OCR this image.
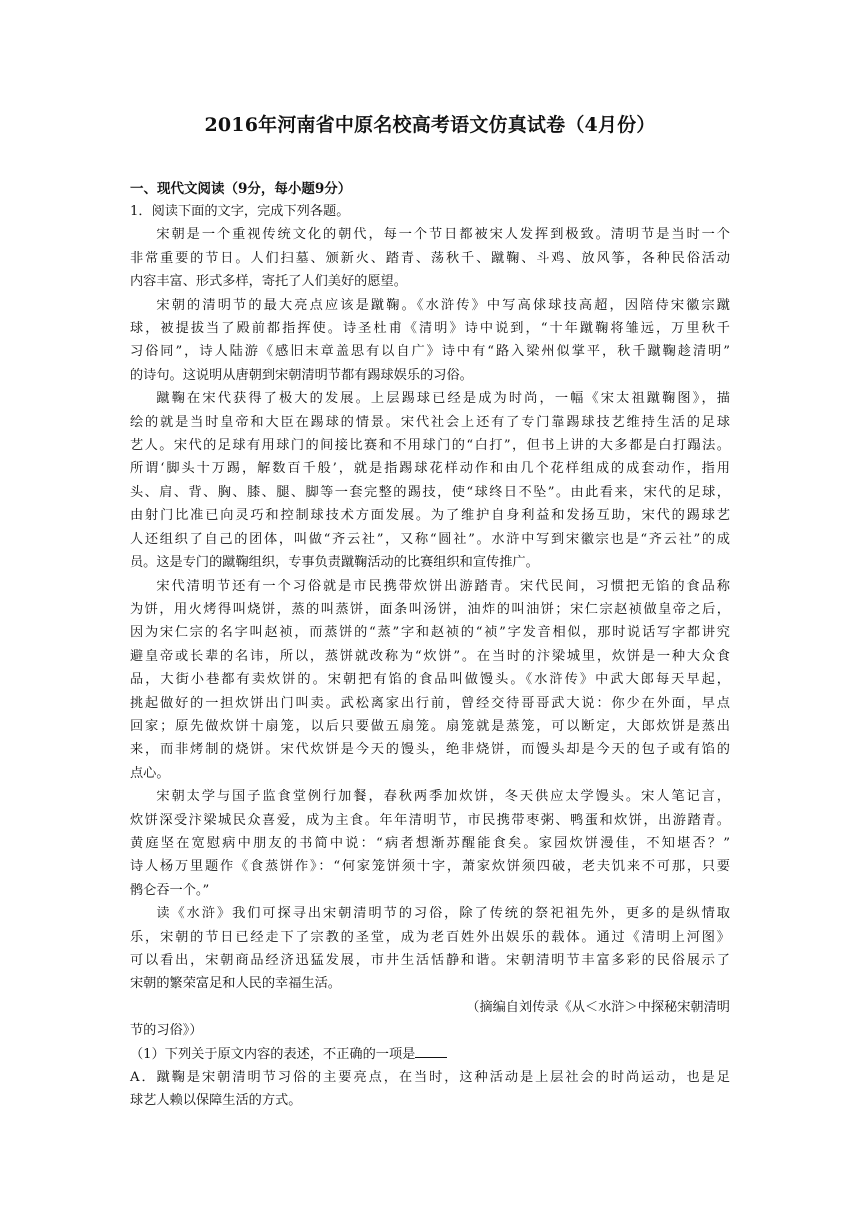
2016年河南省中原名校高考语文仿真试卷（4月份）

一、现代文阅读（9分，每小题9分）

1．阅读下面的文字，完成下列各题。

宋朝是一个重视传统文化的朝代，每一个节日都被宋人发挥到极致。清明节是当时一个

非常重要的节日。人们扫墓、颁新火、踏青、荡秋千、蹴鞠、斗鸡、放风筝，各种民俗活动

内容丰富、形式多样，寄托了人们美好的愿望。

宋朝的清明节的最大亮点应该是蹴鞠。《水浒传》中写高俅球技高超，因陪侍宋徽宗蹴

球，被提拔当了殿前都指挥使。诗圣杜甫《清明》诗中说到，“十年蹴鞠将雏远，万里秋千

习俗同”，诗人陆游《感旧末章盖思有以自广》诗中有“路入梁州似掌平，秋千蹴鞠趁清明”

的诗句。这说明从唐朝到宋朝清明节都有踢球娱乐的习俗。

蹴鞠在宋代获得了极大的发展。上层踢球已经是成为时尚，一幅《宋太祖蹴鞠图》，描

绘的就是当时皇帝和大臣在踢球的情景。宋代社会上还有了专门靠踢球技艺维持生活的足球

艺人。宋代的足球有用球门的间接比赛和不用球门的“白打”，但书上讲的大多都是白打蹋法。

所谓‘脚头十万踢，解数百千般’，就是指踢球花样动作和由几个花样组成的成套动作，指用

头、肩、背、胸、膝、腿、脚等一套完整的踢技，使“球终日不坠”。由此看来，宋代的足球，

由射门比准已向灵巧和控制球技术方面发展。为了维护自身利益和发扬互助，宋代的踢球艺

人还组织了自己的团体，叫做“齐云社”，又称“圆社”。水浒中写到宋徽宗也是“齐云社”的成

员。这是专门的蹴鞠组织，专事负责蹴鞠活动的比赛组织和宣传推广。

宋代清明节还有一个习俗就是市民携带炊饼出游踏青。宋代民间，习惯把无馅的食品称

为饼，用火烤得叫烧饼，蒸的叫蒸饼，面条叫汤饼，油炸的叫油饼；宋仁宗赵祯做皇帝之后，

因为宋仁宗的名字叫赵祯，而蒸饼的“蒸”字和赵祯的“祯”字发音相似，那时说话写字都讲究

避皇帝或长辈的名讳，所以，蒸饼就改称为“炊饼”。在当时的汴梁城里，炊饼是一种大众食

品，大街小巷都有卖炊饼的。宋朝把有馅的食品叫做馒头。《水浒传》中武大郎每天早起，

挑起做好的一担炊饼出门叫卖。武松离家出行前，曾经交待哥哥武大说：你少在外面，早点

回家；原先做炊饼十扇笼，以后只要做五扇笼。扇笼就是蒸笼，可以断定，大郎炊饼是蒸出

来，而非烤制的烧饼。宋代炊饼是今天的馒头，绝非烧饼，而馒头却是今天的包子或有馅的

点心。

宋朝太学与国子监食堂例行加餐，春秋两季加炊饼，冬天供应太学馒头。宋人笔记言，

炊饼深受汴梁城民众喜爱，成为主食。年年清明节，市民携带枣粥、鸭蛋和炊饼，出游踏青。

黄庭坚在宽慰病中朋友的书简中说：“病者想渐苏醒能食矣。家园炊饼漫佳，不知堪否？”

诗人杨万里题作《食蒸饼作》：“何家笼饼须十字，萧家炊饼须四破，老夫饥来不可那，只要

鹘仑吞一个。”

读《水浒》我们可探寻出宋朝清明节的习俗，除了传统的祭祀祖先外，更多的是纵情取

乐，宋朝的节日已经走下了宗教的圣堂，成为老百姓外出娱乐的载体。通过《清明上河图》

可以看出，宋朝商品经济迅猛发展，市井生活恬静和谐。宋朝清明节丰富多彩的民俗展示了

宋朝的繁荣富足和人民的幸福生活。

（摘编自刘传录《从＜水浒＞中探秘宋朝清明

节的习俗》）

（1）下列关于原文内容的表述，不正确的一项是

A．蹴鞠是宋朝清明节习俗的主要亮点，在当时，这种活动是上层社会的时尚运动，也是足

球艺人赖以保障生活的方式。
